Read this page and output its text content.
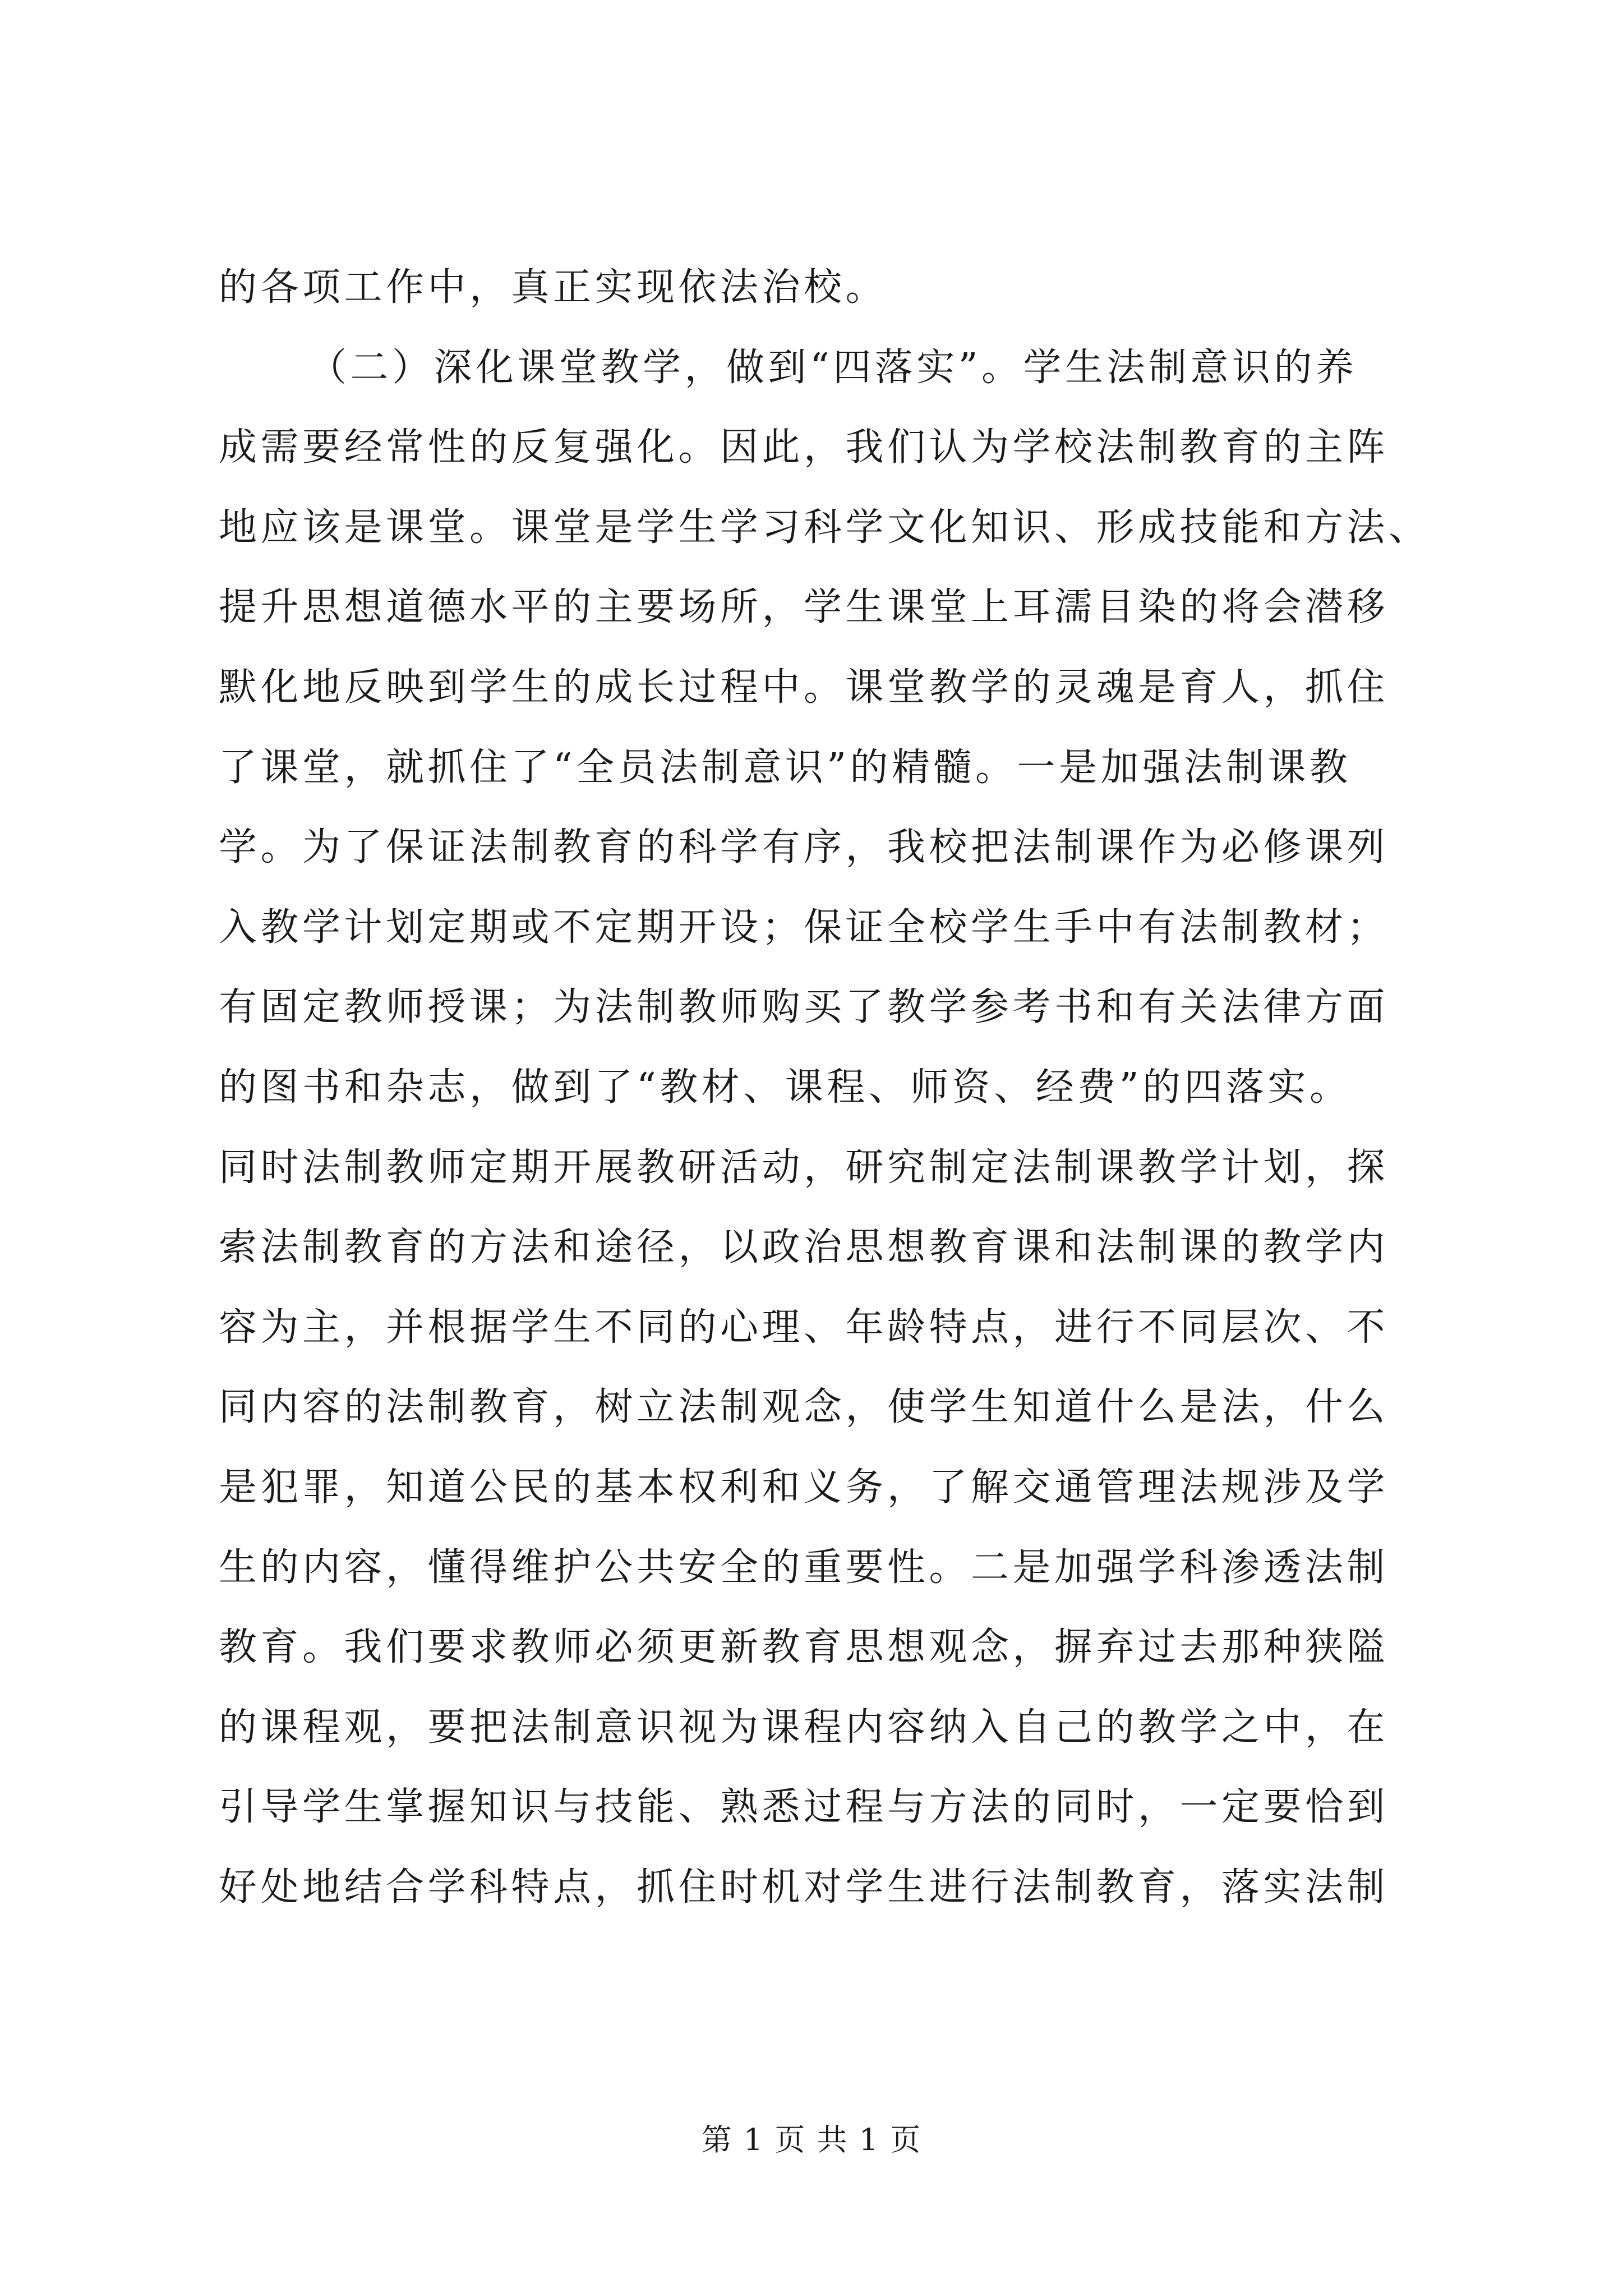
的各项工作中，真正实现依法治校。

（二）深化课堂教学，做到“四落实”。学生法制意识的养

成需要经常性的反复强化。因此，我们认为学校法制教育的主阵

地应该是课堂。课堂是学生学习科学文化知识、形成技能和方法、

提升思想道德水平的主要场所，学生课堂上耳濡目染的将会潜移

默化地反映到学生的成长过程中。课堂教学的灵魂是育人，抓住

了课堂，就抓住了“全员法制意识”的精髓。一是加强法制课教

学。为了保证法制教育的科学有序，我校把法制课作为必修课列

入教学计划定期或不定期开设；保证全校学生手中有法制教材；

有固定教师授课；为法制教师购买了教学参考书和有关法律方面

的图书和杂志，做到了“教材、课程、师资、经费”的四落实。

同时法制教师定期开展教研活动，研究制定法制课教学计划，探

索法制教育的方法和途径，以政治思想教育课和法制课的教学内

容为主，并根据学生不同的心理、年龄特点，进行不同层次、不

同内容的法制教育，树立法制观念，使学生知道什么是法，什么

是犯罪，知道公民的基本权利和义务，了解交通管理法规涉及学

生的内容，懂得维护公共安全的重要性。二是加强学科渗透法制

教育。我们要求教师必须更新教育思想观念，摒弃过去那种狭隘

的课程观，要把法制意识视为课程内容纳入自己的教学之中，在

引导学生掌握知识与技能、熟悉过程与方法的同时，一定要恰到

好处地结合学科特点，抓住时机对学生进行法制教育，落实法制

第 1 页 共 1 页
